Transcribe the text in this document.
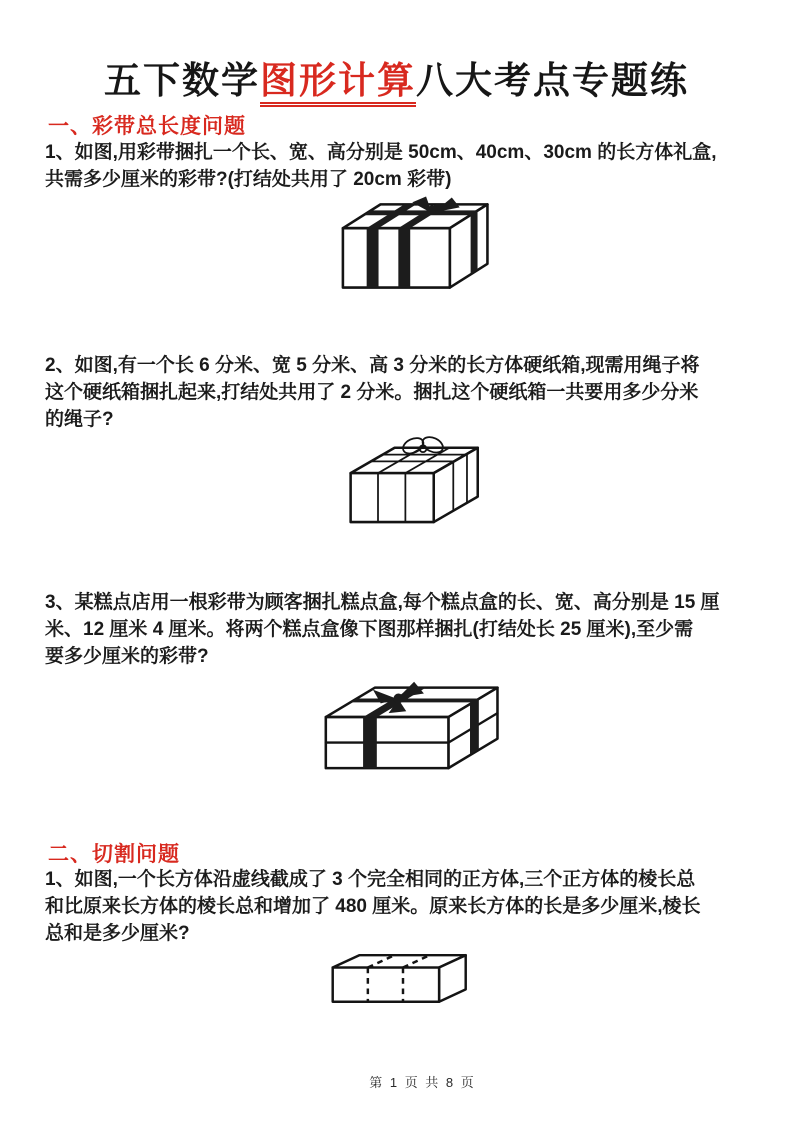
五下数学图形计算八大考点专题练
一、彩带总长度问题
1、如图,用彩带捆扎一个长、宽、高分别是 50cm、40cm、30cm 的长方体礼盒,
共需多少厘米的彩带?(打结处共用了 20cm 彩带)
2、如图,有一个长 6 分米、宽 5 分米、高 3 分米的长方体硬纸箱,现需用绳子将
这个硬纸箱捆扎起来,打结处共用了 2 分米。捆扎这个硬纸箱一共要用多少分米
的绳子?
3、某糕点店用一根彩带为顾客捆扎糕点盒,每个糕点盒的长、宽、高分别是 15 厘
米、12 厘米 4 厘米。将两个糕点盒像下图那样捆扎(打结处长 25 厘米),至少需
要多少厘米的彩带?
二、切割问题
1、如图,一个长方体沿虚线截成了 3 个完全相同的正方体,三个正方体的棱长总
和比原来长方体的棱长总和增加了 480 厘米。原来长方体的长是多少厘米,棱长
总和是多少厘米?
第 1 页 共 8 页
